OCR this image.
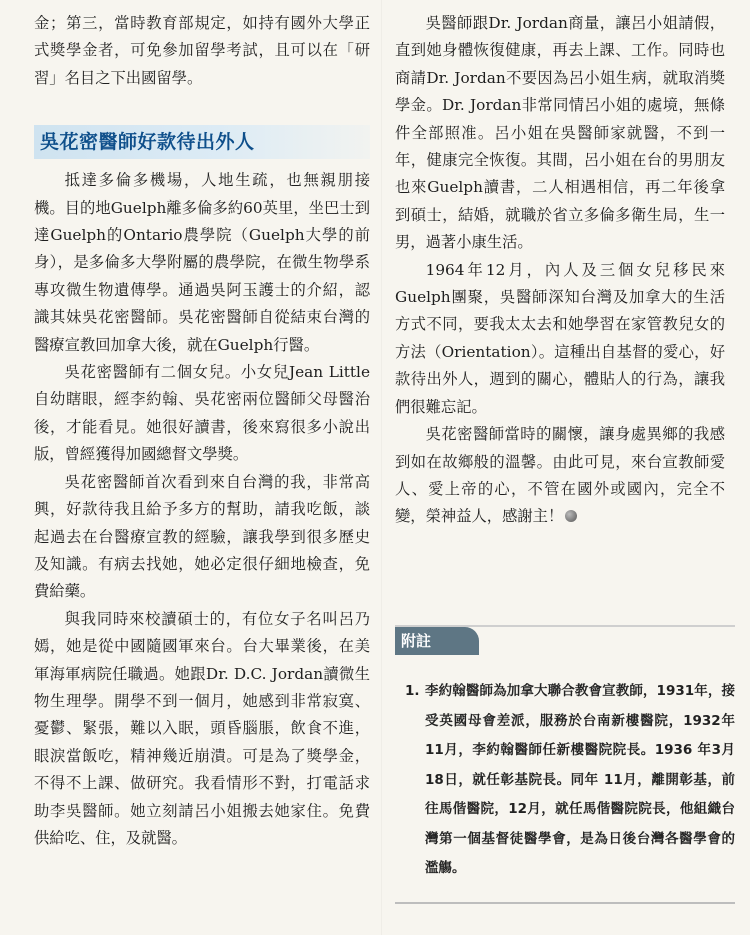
金；第三，當時教育部規定，如持有國外大學正式獎學金者，可免參加留學考試，且可以在「研習」名目之下出國留學。

吳花密醫師好款待出外人

抵達多倫多機場，人地生疏，也無親朋接機。目的地Guelph離多倫多約60英里，坐巴士到達Guelph的Ontario農學院（Guelph大學的前身），是多倫多大學附屬的農學院，在微生物學系專攻微生物遺傳學。通過吳阿玉護士的介紹，認識其妹吳花密醫師。吳花密醫師自從結束台灣的醫療宣教回加拿大後，就在Guelph行醫。

吳花密醫師有二個女兒。小女兒Jean Little自幼瞎眼，經李約翰、吳花密兩位醫師父母醫治後，才能看見。她很好讀書，後來寫很多小說出版，曾經獲得加國總督文學獎。

吳花密醫師首次看到來自台灣的我，非常高興，好款待我且給予多方的幫助，請我吃飯，談起過去在台醫療宣教的經驗，讓我學到很多歷史及知識。有病去找她，她必定很仔細地檢查，免費給藥。

與我同時來校讀碩士的，有位女子名叫呂乃嫣，她是從中國隨國軍來台。台大畢業後，在美軍海軍病院任職過。她跟Dr. D.C. Jordan讀微生物生理學。開學不到一個月，她感到非常寂寞、憂鬱、緊張，難以入眠，頭昏腦脹，飲食不進，眼淚當飯吃，精神幾近崩潰。可是為了獎學金，不得不上課、做研究。我看情形不對，打電話求助李吳醫師。她立刻請呂小姐搬去她家住。免費供給吃、住，及就醫。

吳醫師跟Dr. Jordan商量，讓呂小姐請假，直到她身體恢復健康，再去上課、工作。同時也商請Dr. Jordan不要因為呂小姐生病，就取消獎學金。Dr. Jordan非常同情呂小姐的處境，無條件全部照准。呂小姐在吳醫師家就醫，不到一年，健康完全恢復。其間，呂小姐在台的男朋友也來Guelph讀書，二人相遇相信，再二年後拿到碩士，結婚，就職於省立多倫多衛生局，生一男，過著小康生活。

1964年12月，內人及三個女兒移民來Guelph團聚，吳醫師深知台灣及加拿大的生活方式不同，要我太太去和她學習在家管教兒女的方法（Orientation）。這種出自基督的愛心，好款待出外人，週到的關心，體貼人的行為，讓我們很難忘記。

吳花密醫師當時的關懷，讓身處異鄉的我感到如在故鄉般的溫馨。由此可見，來台宣教師愛人、愛上帝的心，不管在國外或國內，完全不變，榮神益人，感謝主！

附註
1. 李約翰醫師為加拿大聯合教會宣教師，1931年，接受英國母會差派，服務於台南新樓醫院，1932年11月，李約翰醫師任新樓醫院院長。1936 年3月18日，就任彰基院長。同年 11月，離開彰基，前往馬偕醫院，12月，就任馬偕醫院院長，他組織台灣第一個基督徒醫學會，是為日後台灣各醫學會的濫觴。
